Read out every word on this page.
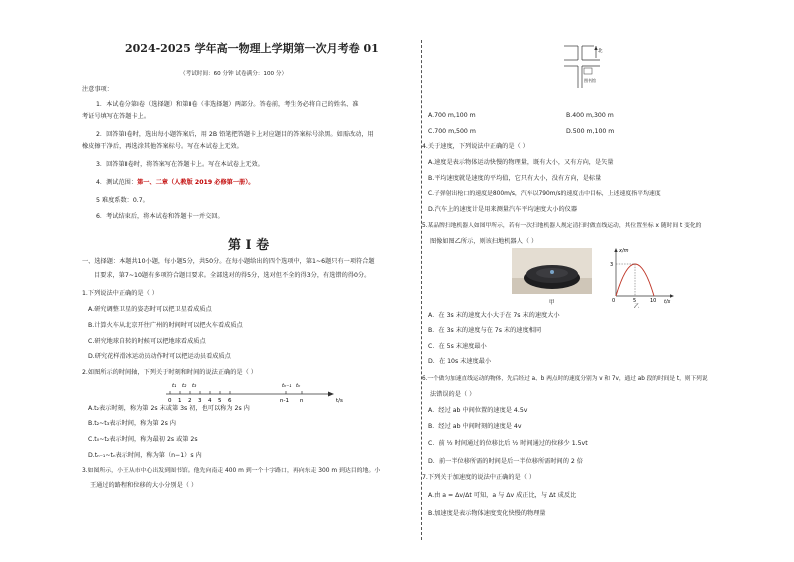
2024-2025 学年高一物理上学期第一次月考卷 01
（考试时间：60 分钟 试卷满分：100 分）
注意事项：
1．本试卷分第Ⅰ卷（选择题）和第Ⅱ卷（非选择题）两部分。答卷前，考生务必将自己的姓名、准
考证号填写在答题卡上。
2．回答第Ⅰ卷时，选出每小题答案后，用 2B 铅笔把答题卡上对应题目的答案标号涂黑。如需改动，用
橡皮擦干净后，再选涂其他答案标号。写在本试卷上无效。
3．回答第Ⅱ卷时，将答案写在答题卡上。写在本试卷上无效。
4．测试范围：第一、二章（人教版 2019 必修第一册）。
5 难度系数：0.7。
6．考试结束后，将本试卷和答题卡一并交回。
第 Ⅰ 卷
一、选择题：本题共10小题，每小题5分，共50分。在每小题给出的四个选项中，第1~6题只有一项符合题
目要求，第7~10题有多项符合题目要求。全部选对的得5分，选对但不全的得3分，有选错的得0分。
1.下列说法中正确的是（ ）
A.研究调整卫星的姿态时可以把卫星看成质点
B.计算火车从北京开往广州的时间时可以把火车看成质点
C.研究地球自转的时候可以把地球看成质点
D.研究花样滑冰运动员动作时可以把运动员看成质点
2.如图所示的时间轴，下列关于时刻和时间的说法正确的是（ ）
0 1 2 3 4 5 6	n-1 n
t₁ t₂ t₃	tₙ₋₁ tₙ
t/s
A.t₂表示时刻，称为第 2s 末或第 3s 初，也可以称为 2s 内
B.t₂~t₃表示时间，称为第 2s 内
C.t₀~t₂表示时间，称为最初 2s 或第 2s
D.tₙ₋₁~tₙ表示时间，称为第（n−1）s 内
3.如图所示，小王从市中心出发到图书馆。他先向南走 400 m 到一个十字路口，再向东走 300 m 到达目的地。小
王通过的路程和位移的大小分别是（ ）
北
图书馆
A.700 m,100 m	B.400 m,300 m
C.700 m,500 m	D.500 m,100 m
4.关于速度，下列说法中正确的是（ ）
A.速度是表示物体运动快慢的物理量，既有大小，又有方向，是矢量
B.平均速度就是速度的平均值，它只有大小，没有方向，是标量
C.子弹射出枪口的速度是800m/s，汽车以790m/s的速度击中目标，上述速度指平均速度
D.汽车上的速度计是用来测量汽车平均速度大小的仪器
5.某品牌扫地机器人如图甲所示，若有一次扫地机器人规定清扫时做直线运动，其位置坐标 x 随时间 t 变化的
图像如图乙所示，则该扫地机器人（ ）
甲
x/m
t/s
3
0	5	10
乙
A．在 3s 末的速度大小大于在 7s 末的速度大小
B．在 3s 末的速度与在 7s 末的速度相同
C．在 5s 末速度最小
D．在 10s 末速度最小
6.一个做匀加速直线运动的物体，先后经过 a、b 两点时的速度分别为 v 和 7v，通过 ab 段的时间是 t，则下列说
法错误的是（ ）
A．经过 ab 中间位置的速度是 4.5v
B．经过 ab 中间时刻的速度是 4v
C．前 ½ 时间通过的位移比后 ½ 时间通过的位移少 1.5vt
D．前一半位移所需的时间是后一半位移所需时间的 2 倍
7.下列关于加速度的说法中正确的是（ ）
A.由 a = Δv/Δt 可知，a 与 Δv 成正比，与 Δt 成反比
B.加速度是表示物体速度变化快慢的物理量
